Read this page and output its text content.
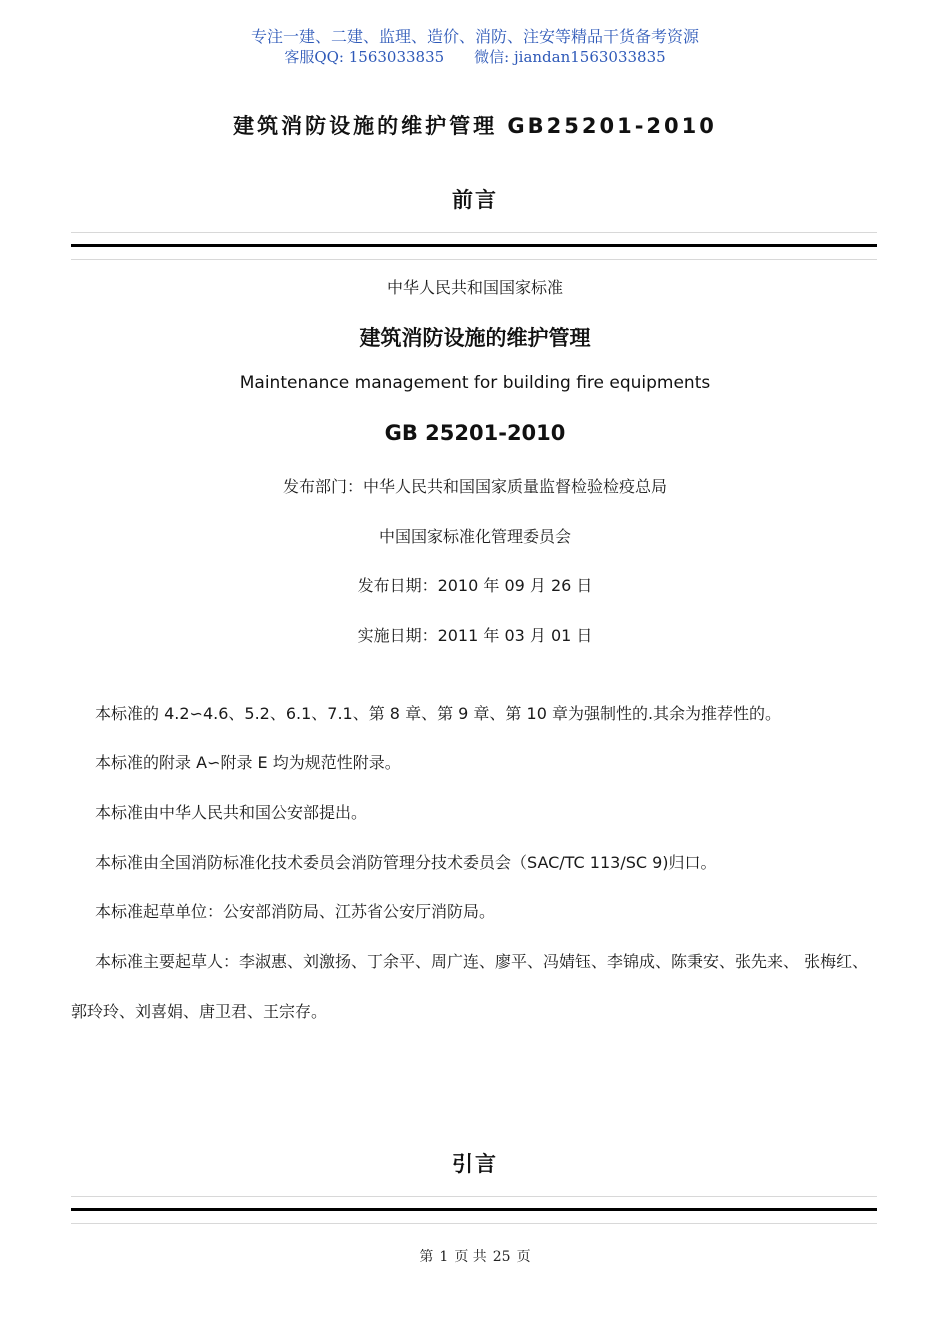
专注一建、二建、监理、造价、消防、注安等精品干货备考资源
客服QQ: 1563033835 微信: jiandan1563033835
建筑消防设施的维护管理 GB25201-2010
前言
中华人民共和国国家标准
建筑消防设施的维护管理
Maintenance management for building fire equipments
GB 25201-2010
发布部门：中华人民共和国国家质量监督检验检疫总局
中国国家标准化管理委员会
发布日期：2010 年 09 月 26 日
实施日期：2011 年 03 月 01 日
本标准的 4.2∽4.6、5.2、6.1、7.1、第 8 章、第 9 章、第 10 章为强制性的.其余为推荐性的。
本标准的附录 A∽附录 E 均为规范性附录。
本标准由中华人民共和国公安部提出。
本标准由全国消防标准化技术委员会消防管理分技术委员会（SAC/TC 113/SC 9)归口。
本标准起草单位：公安部消防局、江苏省公安厅消防局。
本标准主要起草人：李淑惠、刘激扬、丁余平、周广连、廖平、冯婧钰、李锦成、陈秉安、张先来、 张梅红、郭玲玲、刘喜娟、唐卫君、王宗存。
引言
第 1 页 共 25 页
